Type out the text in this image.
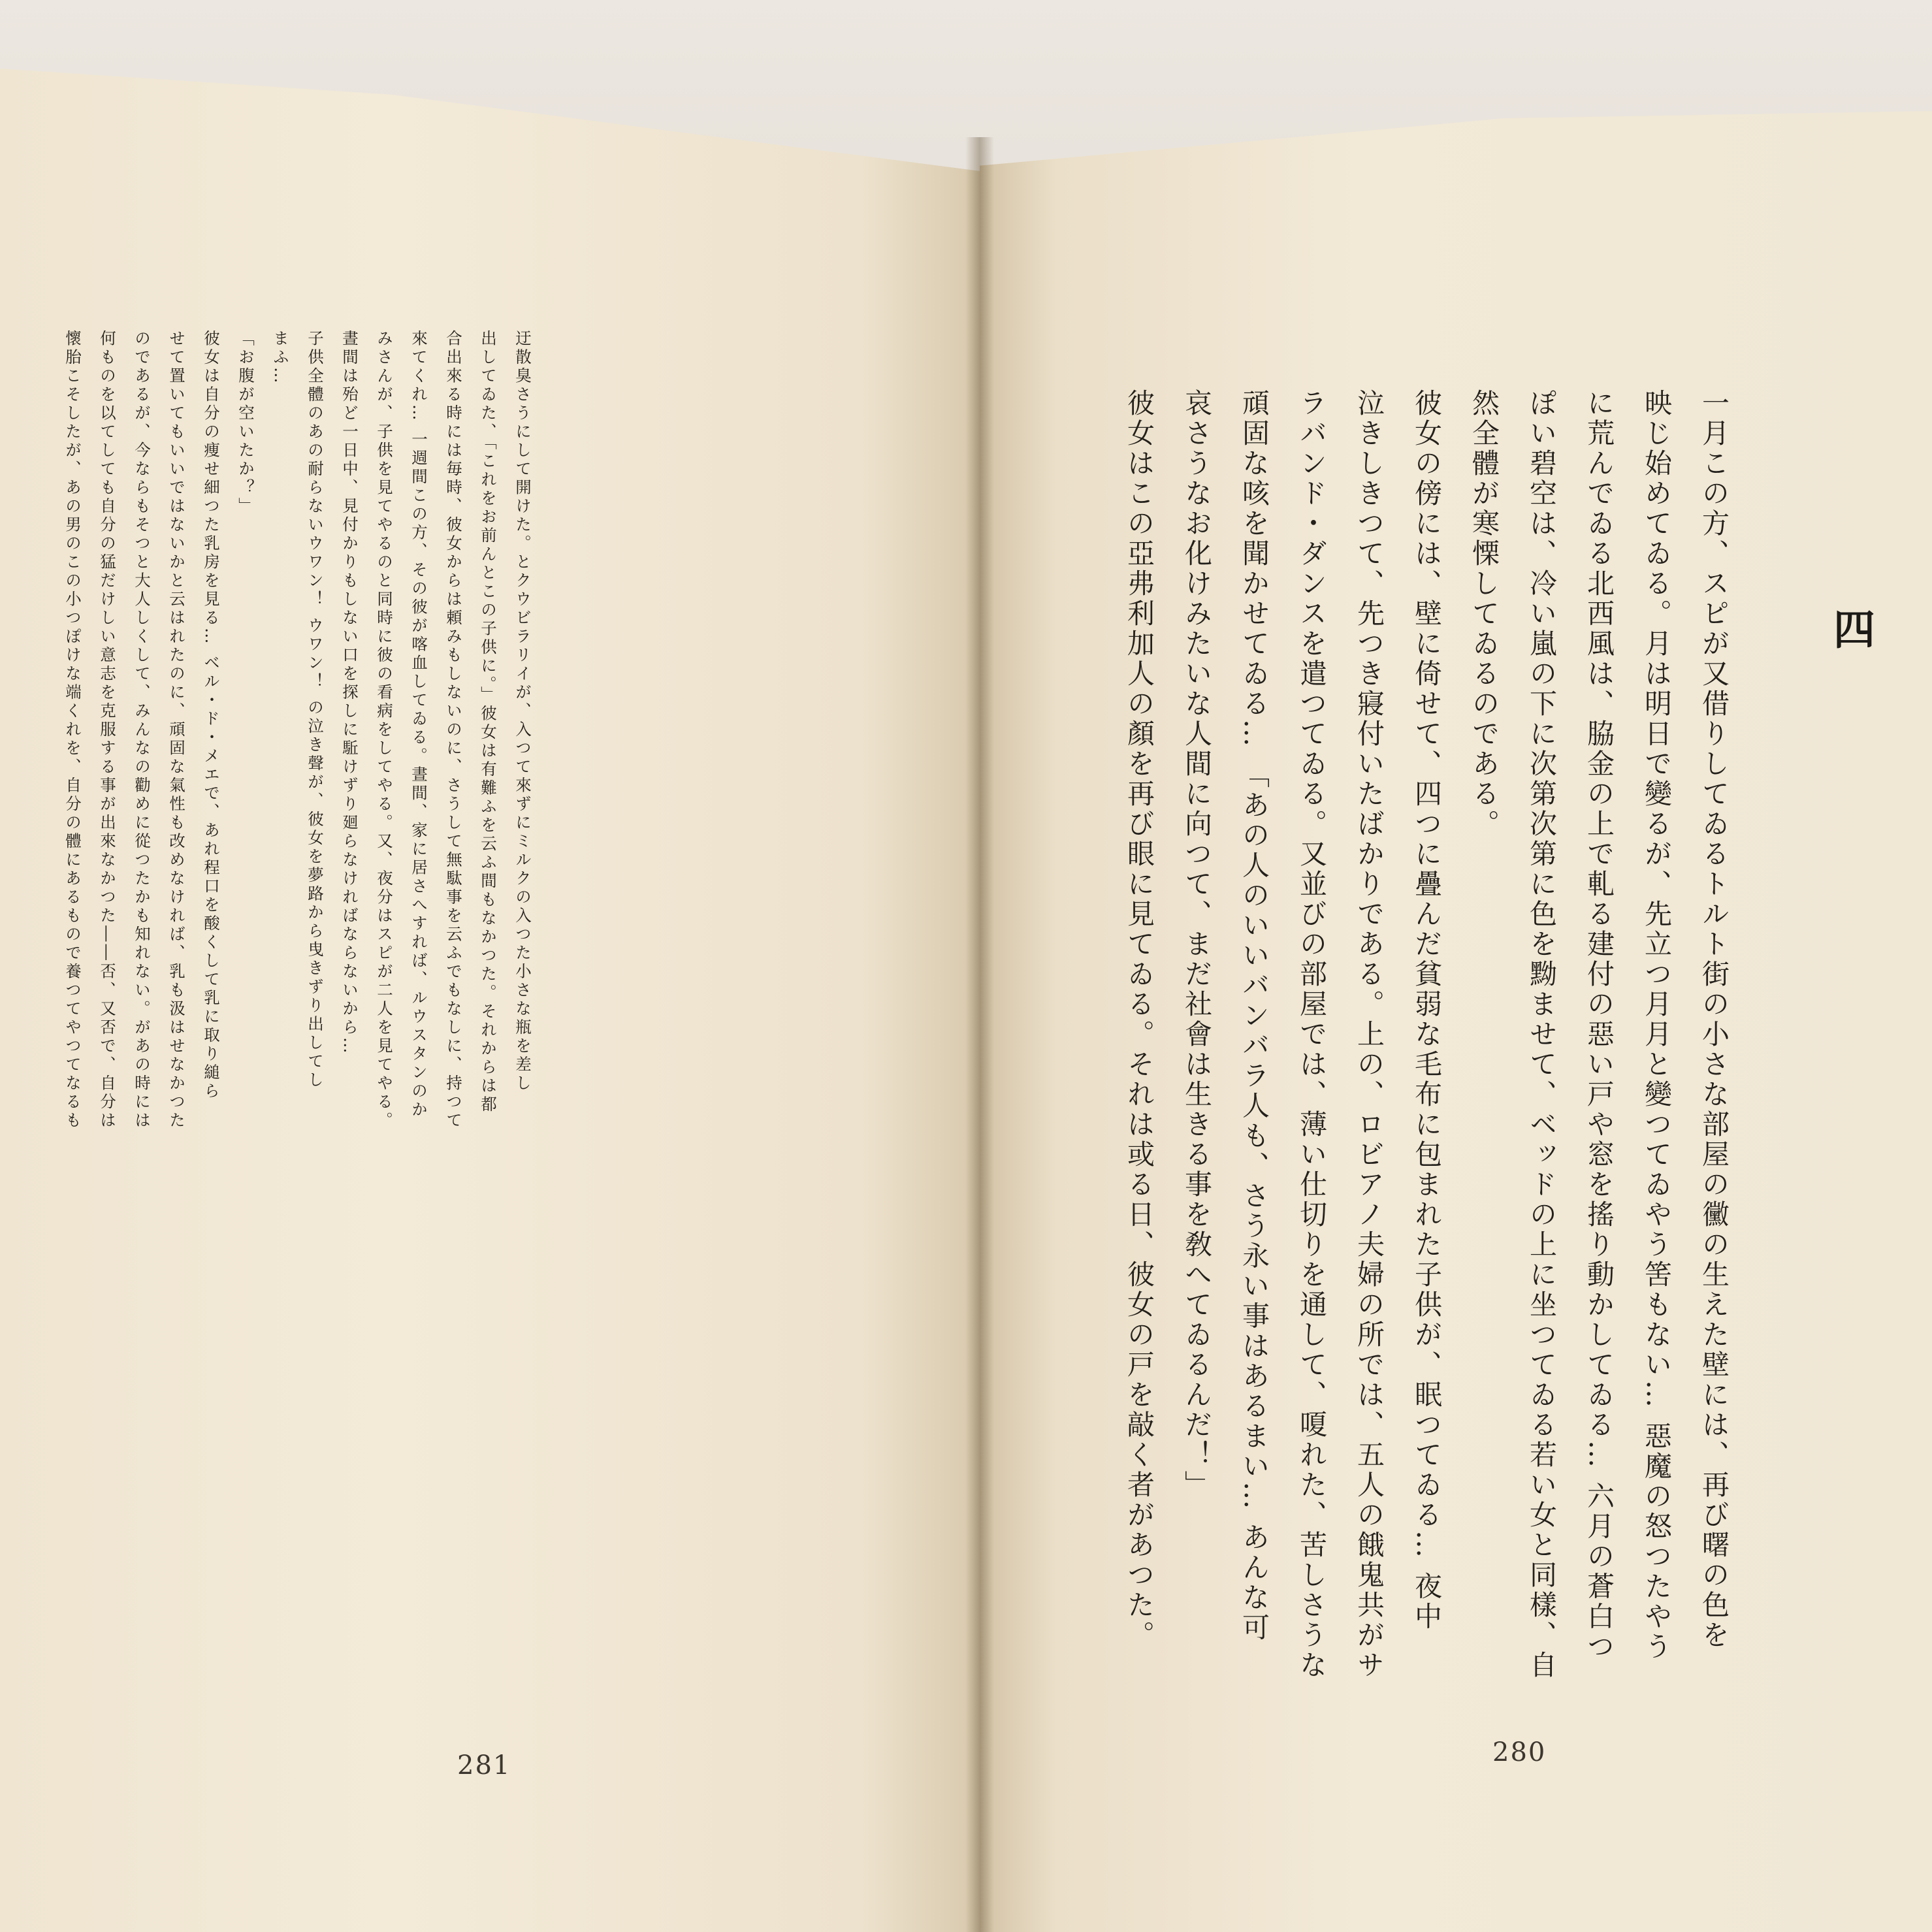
四
一月この方、スピが又借りしてゐるトルト街の小さな部屋の黴の生えた壁には、再び曙の色を
映じ始めてゐる。月は明日で變るが、先立つ月月と變つてゐやう筈もない… 惡魔の怒つたやう
に荒んでゐる北西風は、脇金の上で軋る建付の惡い戸や窓を搖り動かしてゐる… 六月の蒼白つ
ぽい碧空は、冷い嵐の下に次第次第に色を黝ませて、ベッドの上に坐つてゐる若い女と同樣、自
然全體が寒慄してゐるのである。
彼女の傍には、壁に倚せて、四つに疊んだ貧弱な毛布に包まれた子供が、眠つてゐる… 夜中
泣きしきつて、先つき寢付いたばかりである。上の、ロビアノ夫婦の所では、五人の餓鬼共がサ
ラバンド・ダンスを遣つてゐる。又並びの部屋では、薄い仕切りを通して、嗄れた、苦しさうな
頑固な咳を聞かせてゐる… 「あの人のいいバンバラ人も、さう永い事はあるまい… あんな可
哀さうなお化けみたいな人間に向つて、まだ社會は生きる事を敎へてゐるんだ！」
彼女はこの亞弗利加人の顏を再び眼に見てゐる。それは或る日、彼女の戸を敲く者があつた。
280
迂散臭さうにして開けた。とクウビラリイが、入つて來ずにミルクの入つた小さな瓶を差し
出してゐた、「これをお前んとこの子供に。」彼女は有難ふを云ふ間もなかつた。それからは都
合出來る時には毎時、彼女からは頼みもしないのに、さうして無駄事を云ふでもなしに、持つて
來てくれ… 一週間この方、その彼が喀血してゐる。晝間、家に居さへすれば、ルウスタンのか
みさんが、子供を見てやるのと同時に彼の看病をしてやる。又、夜分はスピが二人を見てやる。
晝間は殆ど一日中、見付かりもしない口を探しに駈けずり廻らなければならないから…
子供全體のあの耐らないウワン！ ウワン！ の泣き聲が、彼女を夢路から曳きずり出してし
まふ…
「お腹が空いたか？」
彼女は自分の痩せ細つた乳房を見る… ベル・ド・メエで、あれ程口を酸くして乳に取り縋ら
せて置いてもいいではないかと云はれたのに、頑固な氣性も改めなければ、乳も汲はせなかつた
のであるが、今ならもそつと大人しくして、みんなの勸めに從つたかも知れない。があの時には
何ものを以てしても自分の猛だけしい意志を克服する事が出來なかつた――否、又否で、自分は
懷胎こそしたが、あの男のこの小つぽけな端くれを、自分の體にあるもので養つてやつてなるも
281
